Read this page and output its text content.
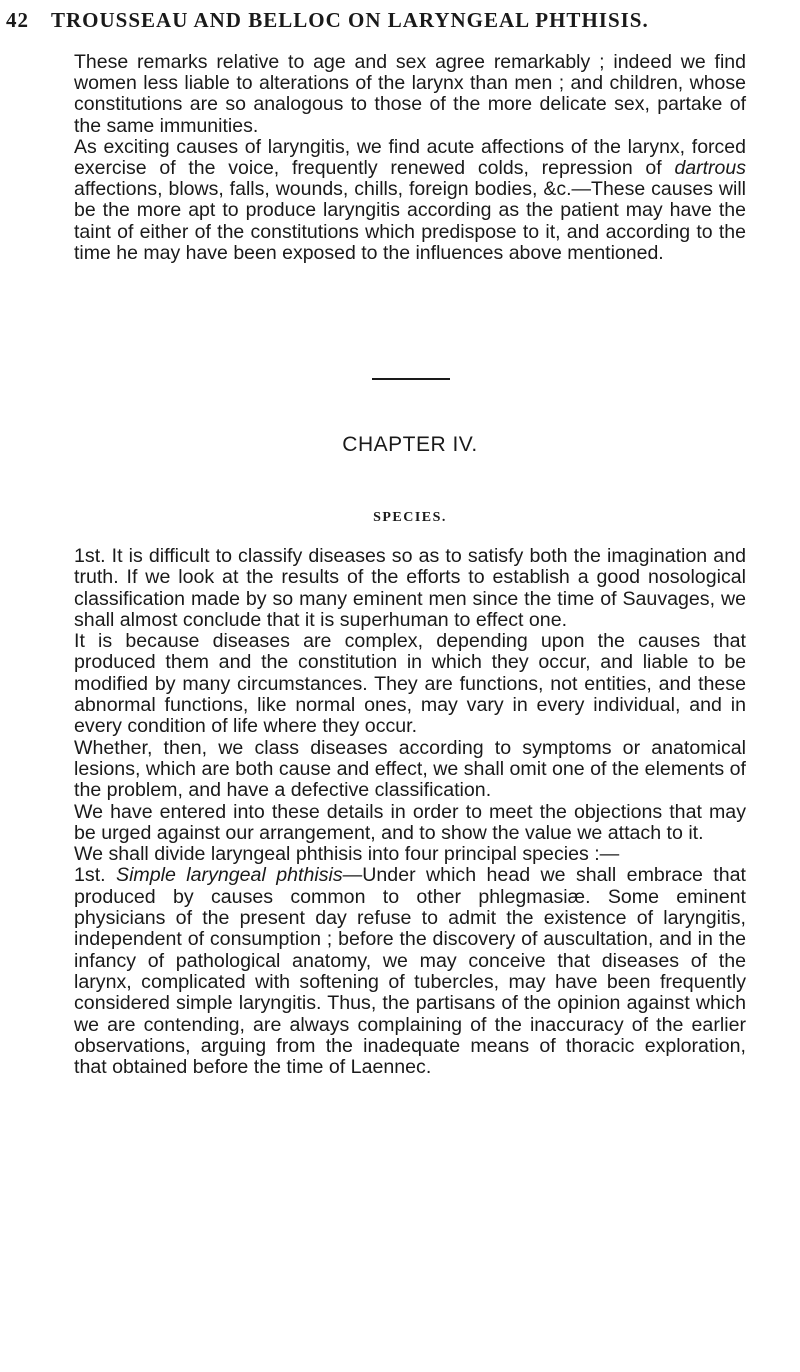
42 TROUSSEAU AND BELLOC ON LARYNGEAL PHTHISIS.

These remarks relative to age and sex agree remarkably ; indeed we find women less liable to alterations of the larynx than men ; and children, whose constitutions are so analogous to those of the more delicate sex, partake of the same immunities.

As exciting causes of laryngitis, we find acute affections of the larynx, forced exercise of the voice, frequently renewed colds, repression of dartrous affections, blows, falls, wounds, chills, foreign bodies, &c.—These causes will be the more apt to produce laryngitis according as the patient may have the taint of either of the constitutions which predispose to it, and according to the time he may have been exposed to the influences above mentioned.

CHAPTER IV.
SPECIES.

1st. It is difficult to classify diseases so as to satisfy both the imagination and truth. If we look at the results of the efforts to establish a good nosological classification made by so many eminent men since the time of Sauvages, we shall almost conclude that it is superhuman to effect one.

It is because diseases are complex, depending upon the causes that produced them and the constitution in which they occur, and liable to be modified by many circumstances. They are functions, not entities, and these abnormal functions, like normal ones, may vary in every individual, and in every condition of life where they occur.

Whether, then, we class diseases according to symptoms or anatomical lesions, which are both cause and effect, we shall omit one of the elements of the problem, and have a defective classification.

We have entered into these details in order to meet the objections that may be urged against our arrangement, and to show the value we attach to it.

We shall divide laryngeal phthisis into four principal species :—

1st. Simple laryngeal phthisis—Under which head we shall embrace that produced by causes common to other phlegmasiæ. Some eminent physicians of the present day refuse to admit the existence of laryngitis, independent of consumption ; before the discovery of auscultation, and in the infancy of pathological anatomy, we may conceive that diseases of the larynx, complicated with softening of tubercles, may have been frequently considered simple laryngitis. Thus, the partisans of the opinion against which we are contending, are always complaining of the inaccuracy of the earlier observations, arguing from the inadequate means of thoracic exploration, that obtained before the time of Laennec.
